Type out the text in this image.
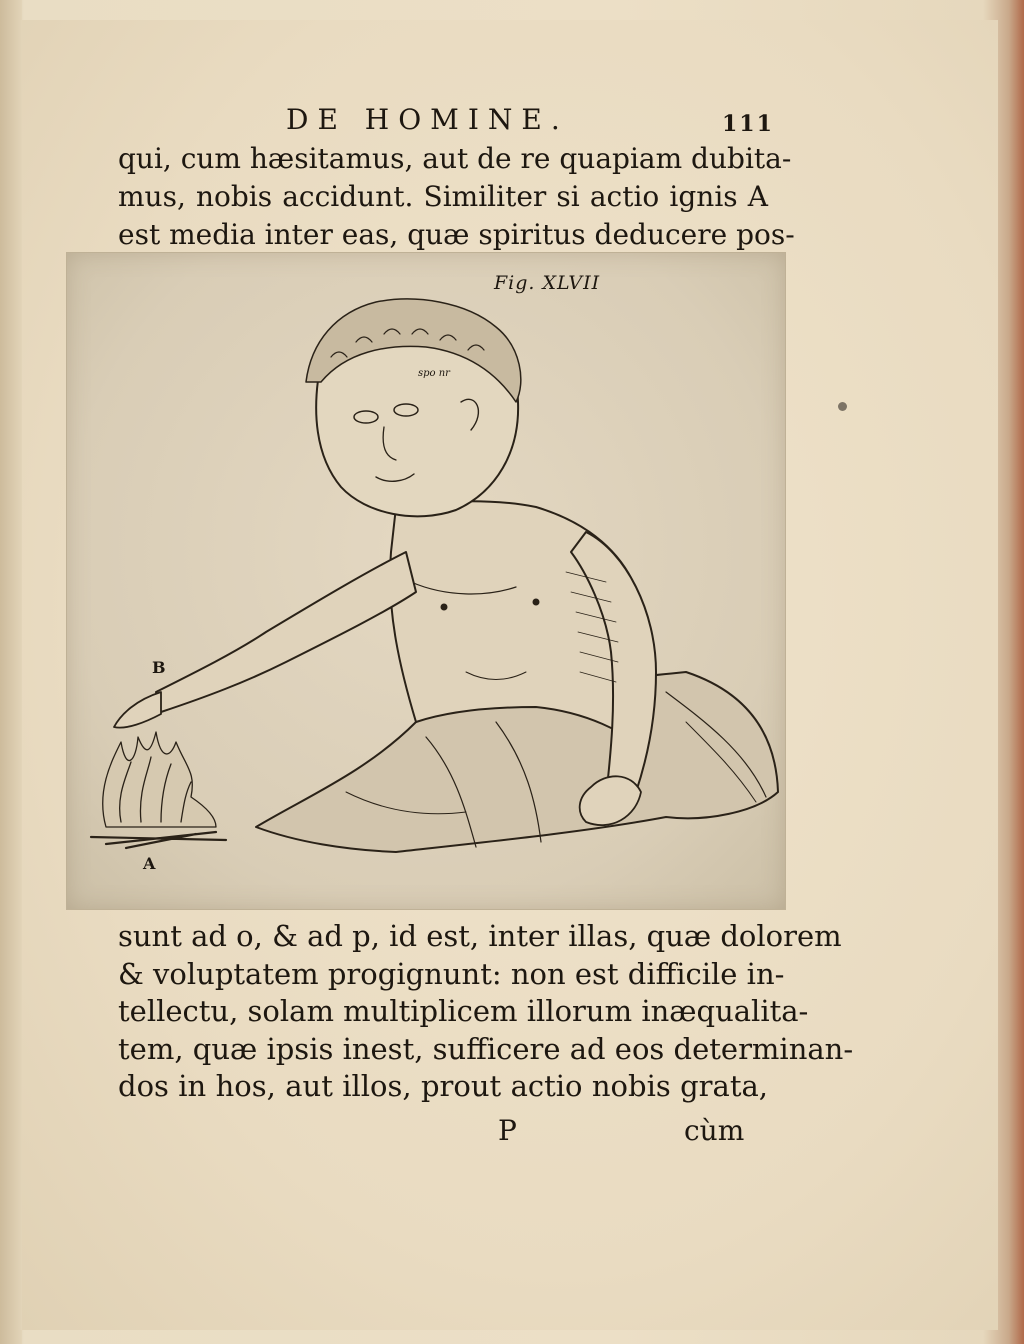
DE HOMINE.	111
qui, cum hæsitamus, aut de re quapiam dubita-
mus, nobis accidunt. Similiter si actio ignis A
est media inter eas, quæ spiritus deducere pos-
Fig. XLVII
B
A
spo nr
sunt ad o, & ad p, id est, inter illas, quæ dolorem
& voluptatem progignunt: non est difficile in-
tellectu, solam multiplicem illorum inæqualita-
tem, quæ ipsis inest, sufficere ad eos determinan-
dos in hos, aut illos, prout actio nobis grata,
P	cùm
